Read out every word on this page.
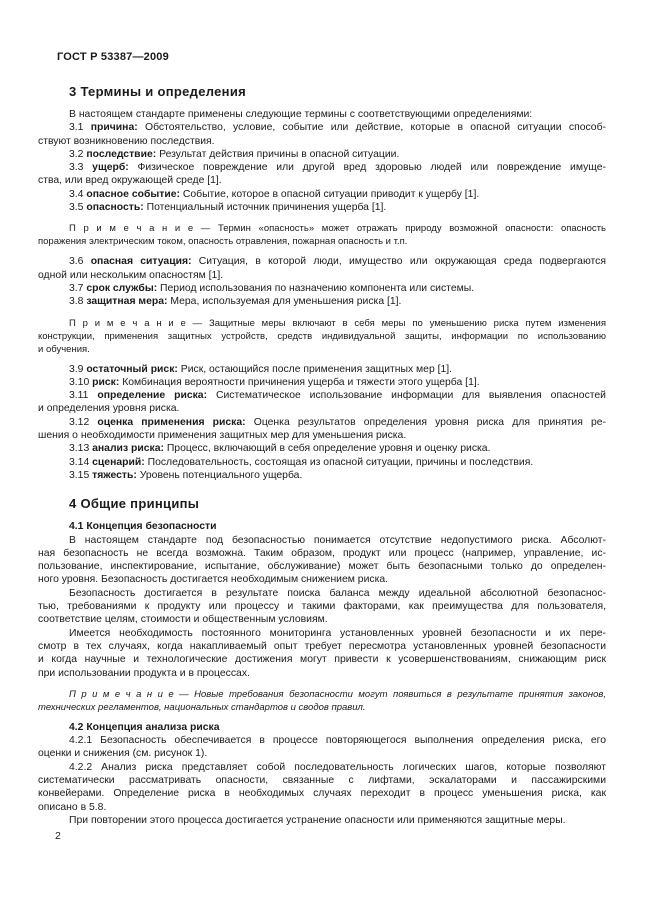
ГОСТ Р 53387—2009
3 Термины и определения
В настоящем стандарте применены следующие термины с соответствующими определениями:
3.1 причина: Обстоятельство, условие, событие или действие, которые в опасной ситуации способ-
ствуют возникновению последствия.
3.2 последствие: Результат действия причины в опасной ситуации.
3.3 ущерб: Физическое повреждение или другой вред здоровью людей или повреждение имуще-
ства, или вред окружающей среде [1].
3.4 опасное событие: Событие, которое в опасной ситуации приводит к ущербу [1].
3.5 опасность: Потенциальный источник причинения ущерба [1].
П р и м е ч а н и е — Термин «опасность» может отражать природу возможной опасности: опасность
поражения электрическим током, опасность отравления, пожарная опасность и т.п.
3.6 опасная ситуация: Ситуация, в которой люди, имущество или окружающая среда подвергаются
одной или нескольким опасностям [1].
3.7 срок службы: Период использования по назначению компонента или системы.
3.8 защитная мера: Мера, используемая для уменьшения риска [1].
П р и м е ч а н и е — Защитные меры включают в себя меры по уменьшению риска путем изменения
конструкции, применения защитных устройств, средств индивидуальной защиты, информации по использованию
и обучения.
3.9 остаточный риск: Риск, остающийся после применения защитных мер [1].
3.10 риск: Комбинация вероятности причинения ущерба и тяжести этого ущерба [1].
3.11 определение риска: Систематическое использование информации для выявления опасностей
и определения уровня риска.
3.12 оценка применения риска: Оценка результатов определения уровня риска для принятия ре-
шения о необходимости применения защитных мер для уменьшения риска.
3.13 анализ риска: Процесс, включающий в себя определение уровня и оценку риска.
3.14 сценарий: Последовательность, состоящая из опасной ситуации, причины и последствия.
3.15 тяжесть: Уровень потенциального ущерба.
4 Общие принципы
4.1 Концепция безопасности
В настоящем стандарте под безопасностью понимается отсутствие недопустимого риска. Абсолют-
ная безопасность не всегда возможна. Таким образом, продукт или процесс (например, управление, ис-
пользование, инспектирование, испытание, обслуживание) может быть безопасными только до определен-
ного уровня. Безопасность достигается необходимым снижением риска.
Безопасность достигается в результате поиска баланса между идеальной абсолютной безопаснос-
тью, требованиями к продукту или процессу и такими факторами, как преимущества для пользователя,
соответствие целям, стоимости и общественным условиям.
Имеется необходимость постоянного мониторинга установленных уровней безопасности и их пере-
смотр в тех случаях, когда накапливаемый опыт требует пересмотра установленных уровней безопасности
и когда научные и технологические достижения могут привести к усовершенствованиям, снижающим риск
при использовании продукта и в процессах.
П р и м е ч а н и е — Новые требования безопасности могут появиться в результате принятия законов,
технических регламентов, национальных стандартов и сводов правил.
4.2 Концепция анализа риска
4.2.1 Безопасность обеспечивается в процессе повторяющегося выполнения определения риска, его
оценки и снижения (см. рисунок 1).
4.2.2 Анализ риска представляет собой последовательность логических шагов, которые позволяют
систематически рассматривать опасности, связанные с лифтами, эскалаторами и пассажирскими
конвейерами. Определение риска в необходимых случаях переходит в процесс уменьшения риска, как
описано в 5.8.
При повторении этого процесса достигается устранение опасности или применяются защитные меры.
2
